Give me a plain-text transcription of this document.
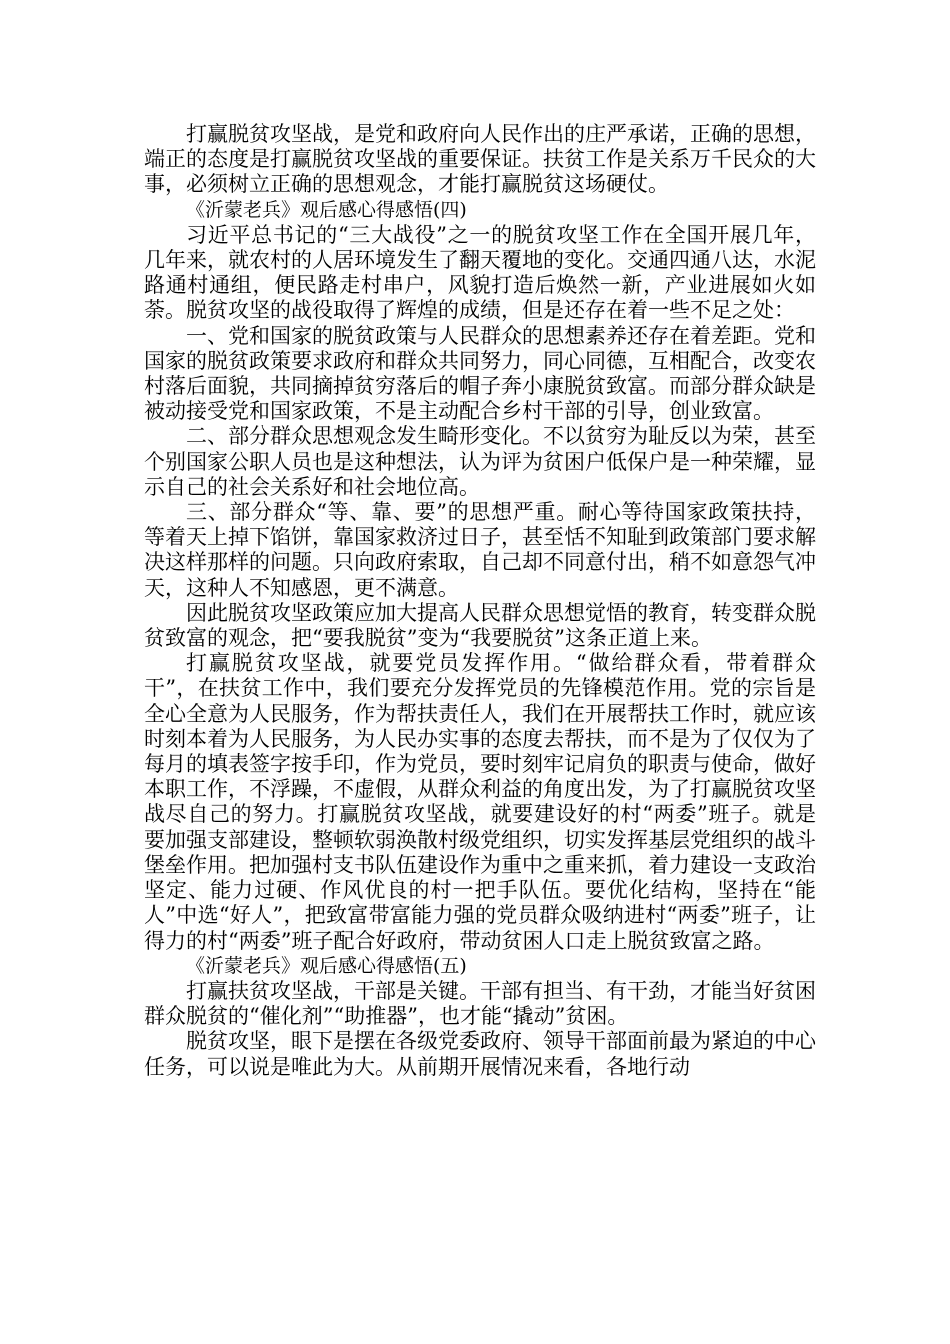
打赢脱贫攻坚战，是党和政府向人民作出的庄严承诺，正确的思想，端正的态度是打赢脱贫攻坚战的重要保证。扶贫工作是关系万千民众的大事，必须树立正确的思想观念，才能打赢脱贫这场硬仗。

《沂蒙老兵》观后感心得感悟(四)

习近平总书记的“三大战役”之一的脱贫攻坚工作在全国开展几年，几年来，就农村的人居环境发生了翻天覆地的变化。交通四通八达，水泥路通村通组，便民路走村串户，风貌打造后焕然一新，产业进展如火如荼。脱贫攻坚的战役取得了辉煌的成绩，但是还存在着一些不足之处：

一、党和国家的脱贫政策与人民群众的思想素养还存在着差距。党和国家的脱贫政策要求政府和群众共同努力，同心同德，互相配合，改变农村落后面貌，共同摘掉贫穷落后的帽子奔小康脱贫致富。而部分群众缺是被动接受党和国家政策，不是主动配合乡村干部的引导，创业致富。

二、部分群众思想观念发生畸形变化。不以贫穷为耻反以为荣，甚至个别国家公职人员也是这种想法，认为评为贫困户低保户是一种荣耀，显示自己的社会关系好和社会地位高。

三、部分群众“等、靠、要”的思想严重。耐心等待国家政策扶持，等着天上掉下馅饼，靠国家救济过日子，甚至恬不知耻到政策部门要求解决这样那样的问题。只向政府索取，自己却不同意付出，稍不如意怨气冲天，这种人不知感恩，更不满意。

因此脱贫攻坚政策应加大提高人民群众思想觉悟的教育，转变群众脱贫致富的观念，把“要我脱贫”变为“我要脱贫”这条正道上来。

打赢脱贫攻坚战，就要党员发挥作用。“做给群众看，带着群众干”，在扶贫工作中，我们要充分发挥党员的先锋模范作用。党的宗旨是全心全意为人民服务，作为帮扶责任人，我们在开展帮扶工作时，就应该时刻本着为人民服务，为人民办实事的态度去帮扶，而不是为了仅仅为了每月的填表签字按手印，作为党员，要时刻牢记肩负的职责与使命，做好本职工作，不浮躁，不虚假，从群众利益的角度出发，为了打赢脱贫攻坚战尽自己的努力。打赢脱贫攻坚战，就要建设好的村“两委”班子。就是要加强支部建设，整顿软弱涣散村级党组织，切实发挥基层党组织的战斗堡垒作用。把加强村支书队伍建设作为重中之重来抓，着力建设一支政治坚定、能力过硬、作风优良的村一把手队伍。要优化结构，坚持在“能人”中选“好人”，把致富带富能力强的党员群众吸纳进村“两委”班子，让得力的村“两委”班子配合好政府，带动贫困人口走上脱贫致富之路。

《沂蒙老兵》观后感心得感悟(五)

打赢扶贫攻坚战，干部是关键。干部有担当、有干劲，才能当好贫困群众脱贫的“催化剂”“助推器”，也才能“撬动”贫困。

脱贫攻坚，眼下是摆在各级党委政府、领导干部面前最为紧迫的中心任务，可以说是唯此为大。从前期开展情况来看，各地行动
